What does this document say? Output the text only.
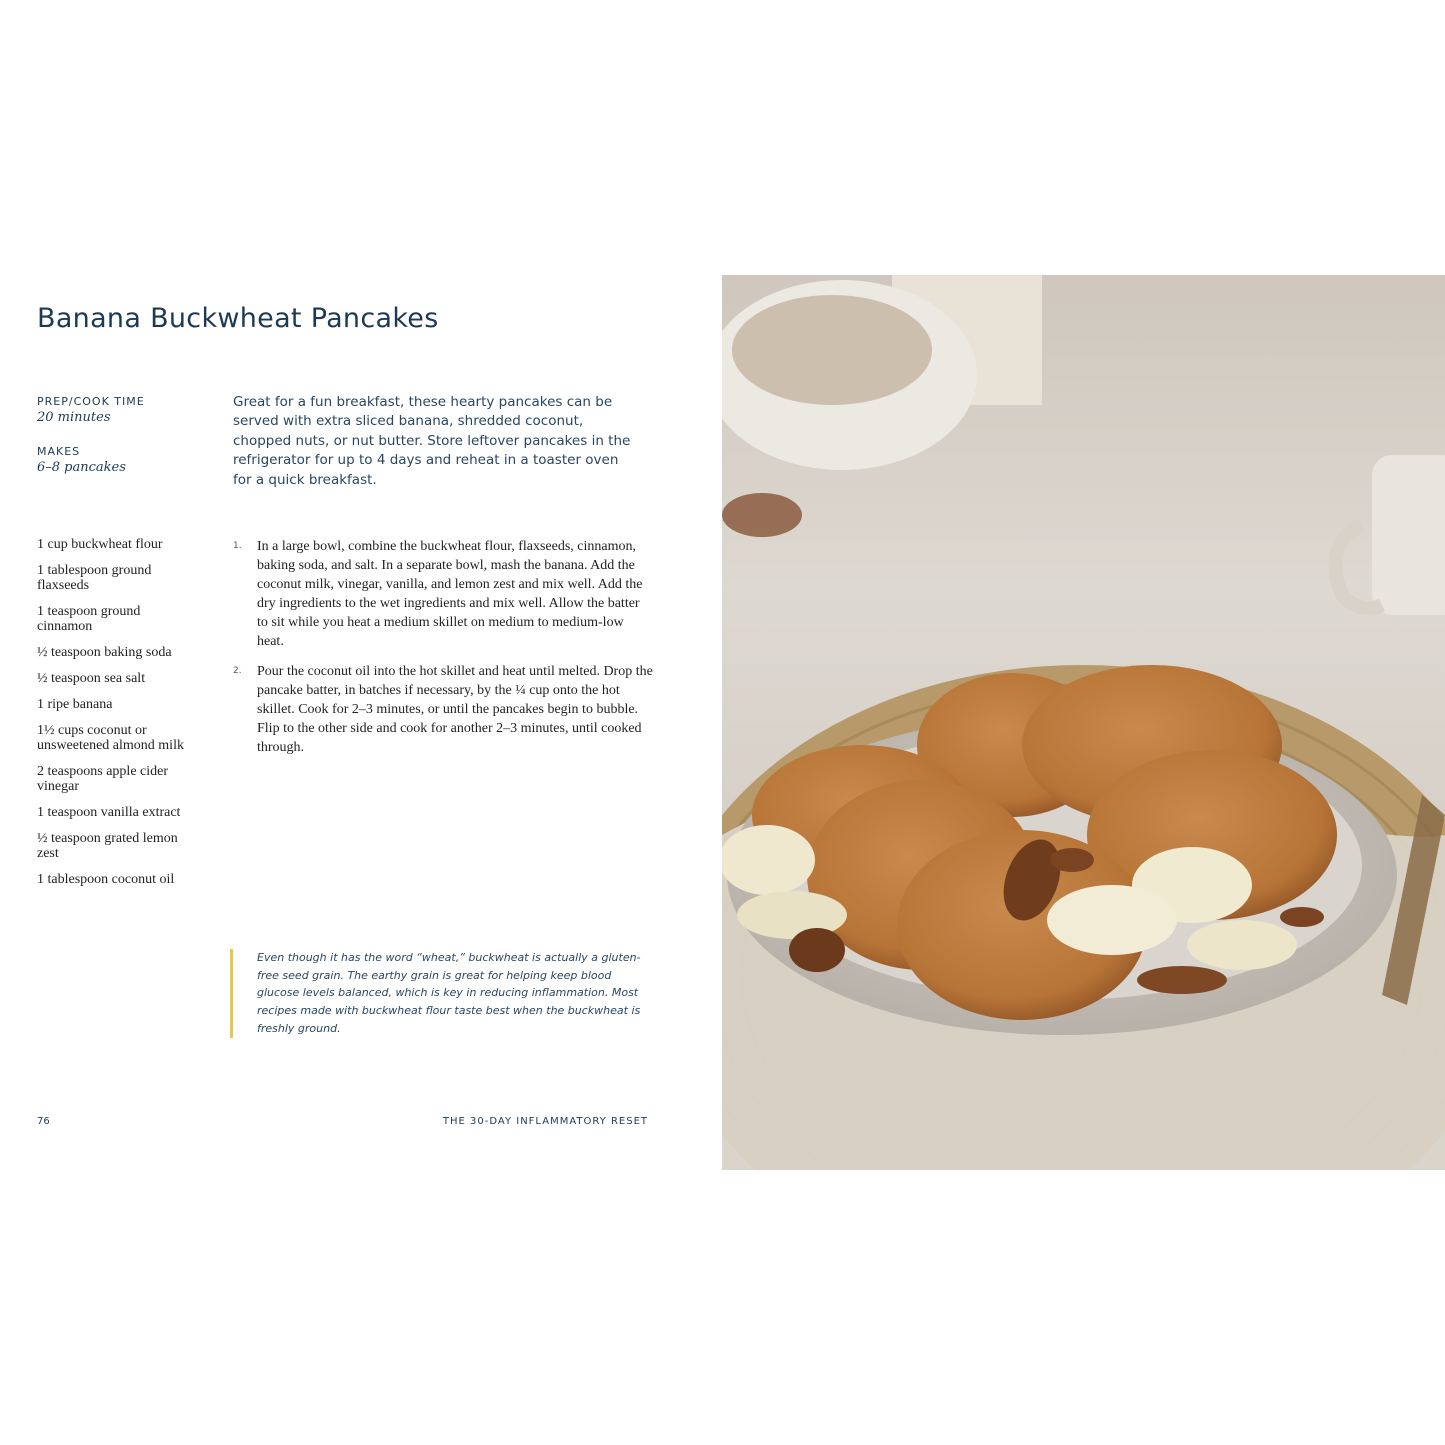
Banana Buckwheat Pancakes

PREP/COOK TIME

20 minutes

MAKES

6–8 pancakes

Great for a fun breakfast, these hearty pancakes can be served with extra sliced banana, shredded coconut, chopped nuts, or nut butter. Store leftover pancakes in the refrigerator for up to 4 days and reheat in a toaster oven for a quick breakfast.

1 cup buckwheat flour
1 tablespoon ground flaxseeds
1 teaspoon ground cinnamon
½ teaspoon baking soda
½ teaspoon sea salt
1 ripe banana
1½ cups coconut or unsweetened almond milk
2 teaspoons apple cider vinegar
1 teaspoon vanilla extract
½ teaspoon grated lemon zest
1 tablespoon coconut oil
1. In a large bowl, combine the buckwheat flour, flaxseeds, cinnamon, baking soda, and salt. In a separate bowl, mash the banana. Add the coconut milk, vinegar, vanilla, and lemon zest and mix well. Add the dry ingredients to the wet ingredients and mix well. Allow the batter to sit while you heat a medium skillet on medium to medium-low heat.
2. Pour the coconut oil into the hot skillet and heat until melted. Drop the pancake batter, in batches if necessary, by the ¼ cup onto the hot skillet. Cook for 2–3 minutes, or until the pancakes begin to bubble. Flip to the other side and cook for another 2–3 minutes, until cooked through.

Even though it has the word “wheat,” buckwheat is actually a gluten-free seed grain. The earthy grain is great for helping keep blood glucose levels balanced, which is key in reducing inflammation. Most recipes made with buckwheat flour taste best when the buckwheat is freshly ground.

76	THE 30-DAY INFLAMMATORY RESET
